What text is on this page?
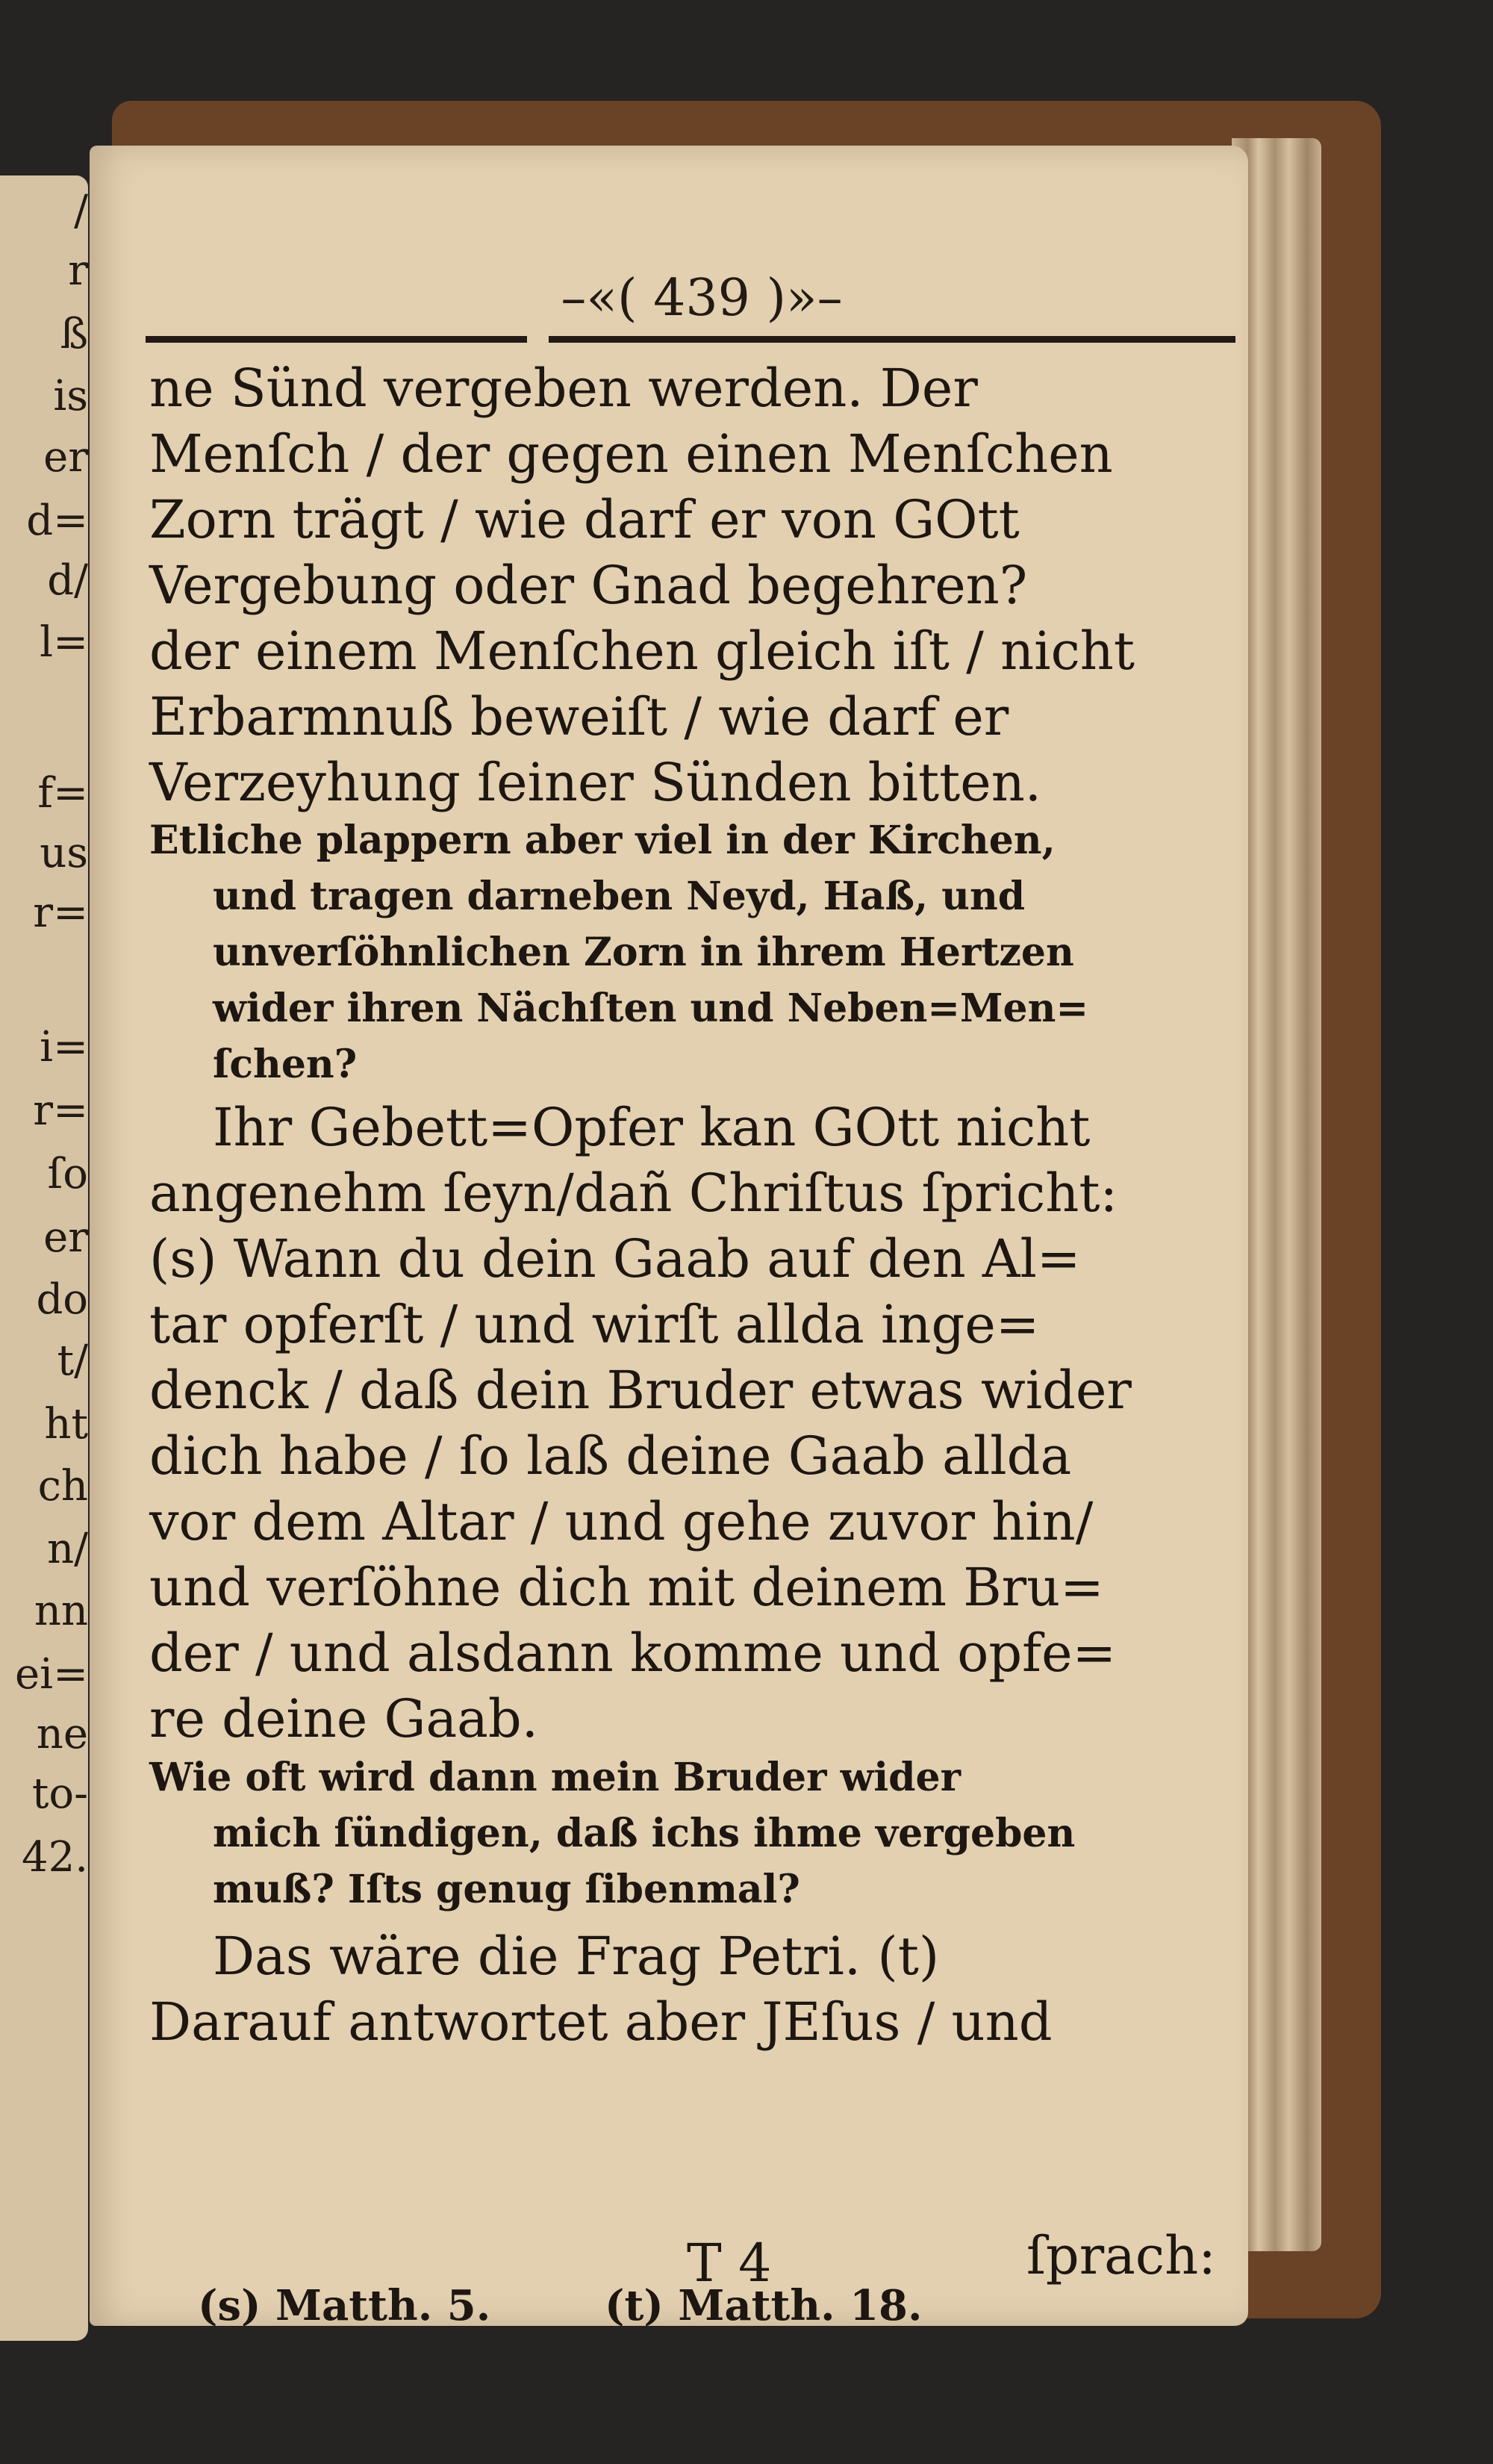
/
r
ß
is
er
d=
d/
l=
f=
us
r=
i=
r=
ſo
er
do
t/
ht
ch
n/
nn
ei=
ne
to-
42.
–«( 439 )»–
ne Sünd vergeben werden. Der
Menſch / der gegen einen Menſchen
Zorn trägt / wie darf er von GOtt
Vergebung oder Gnad begehren?
der einem Menſchen gleich iſt / nicht
Erbarmnuß beweiſt / wie darf er
Verzeyhung ſeiner Sünden bitten.
Etliche plappern aber viel in der Kirchen,
und tragen darneben Neyd, Haß, und
unverſöhnlichen Zorn in ihrem Hertzen
wider ihren Nächſten und Neben=Men=
ſchen?
Ihr Gebett=Opfer kan GOtt nicht
angenehm ſeyn/dañ Chriſtus ſpricht:
(s) Wann du dein Gaab auf den Al=
tar opferſt / und wirſt allda inge=
denck / daß dein Bruder etwas wider
dich habe / ſo laß deine Gaab allda
vor dem Altar / und gehe zuvor hin/
und verſöhne dich mit deinem Bru=
der / und alsdann komme und opfe=
re deine Gaab.
Wie oft wird dann mein Bruder wider
mich ſündigen, daß ichs ihme vergeben
muß? Iſts genug ſibenmal?
Das wäre die Frag Petri. (t)
Darauf antwortet aber JEſus / und
T 4	ſprach:
(s) Matth. 5.	(t) Matth. 18.
